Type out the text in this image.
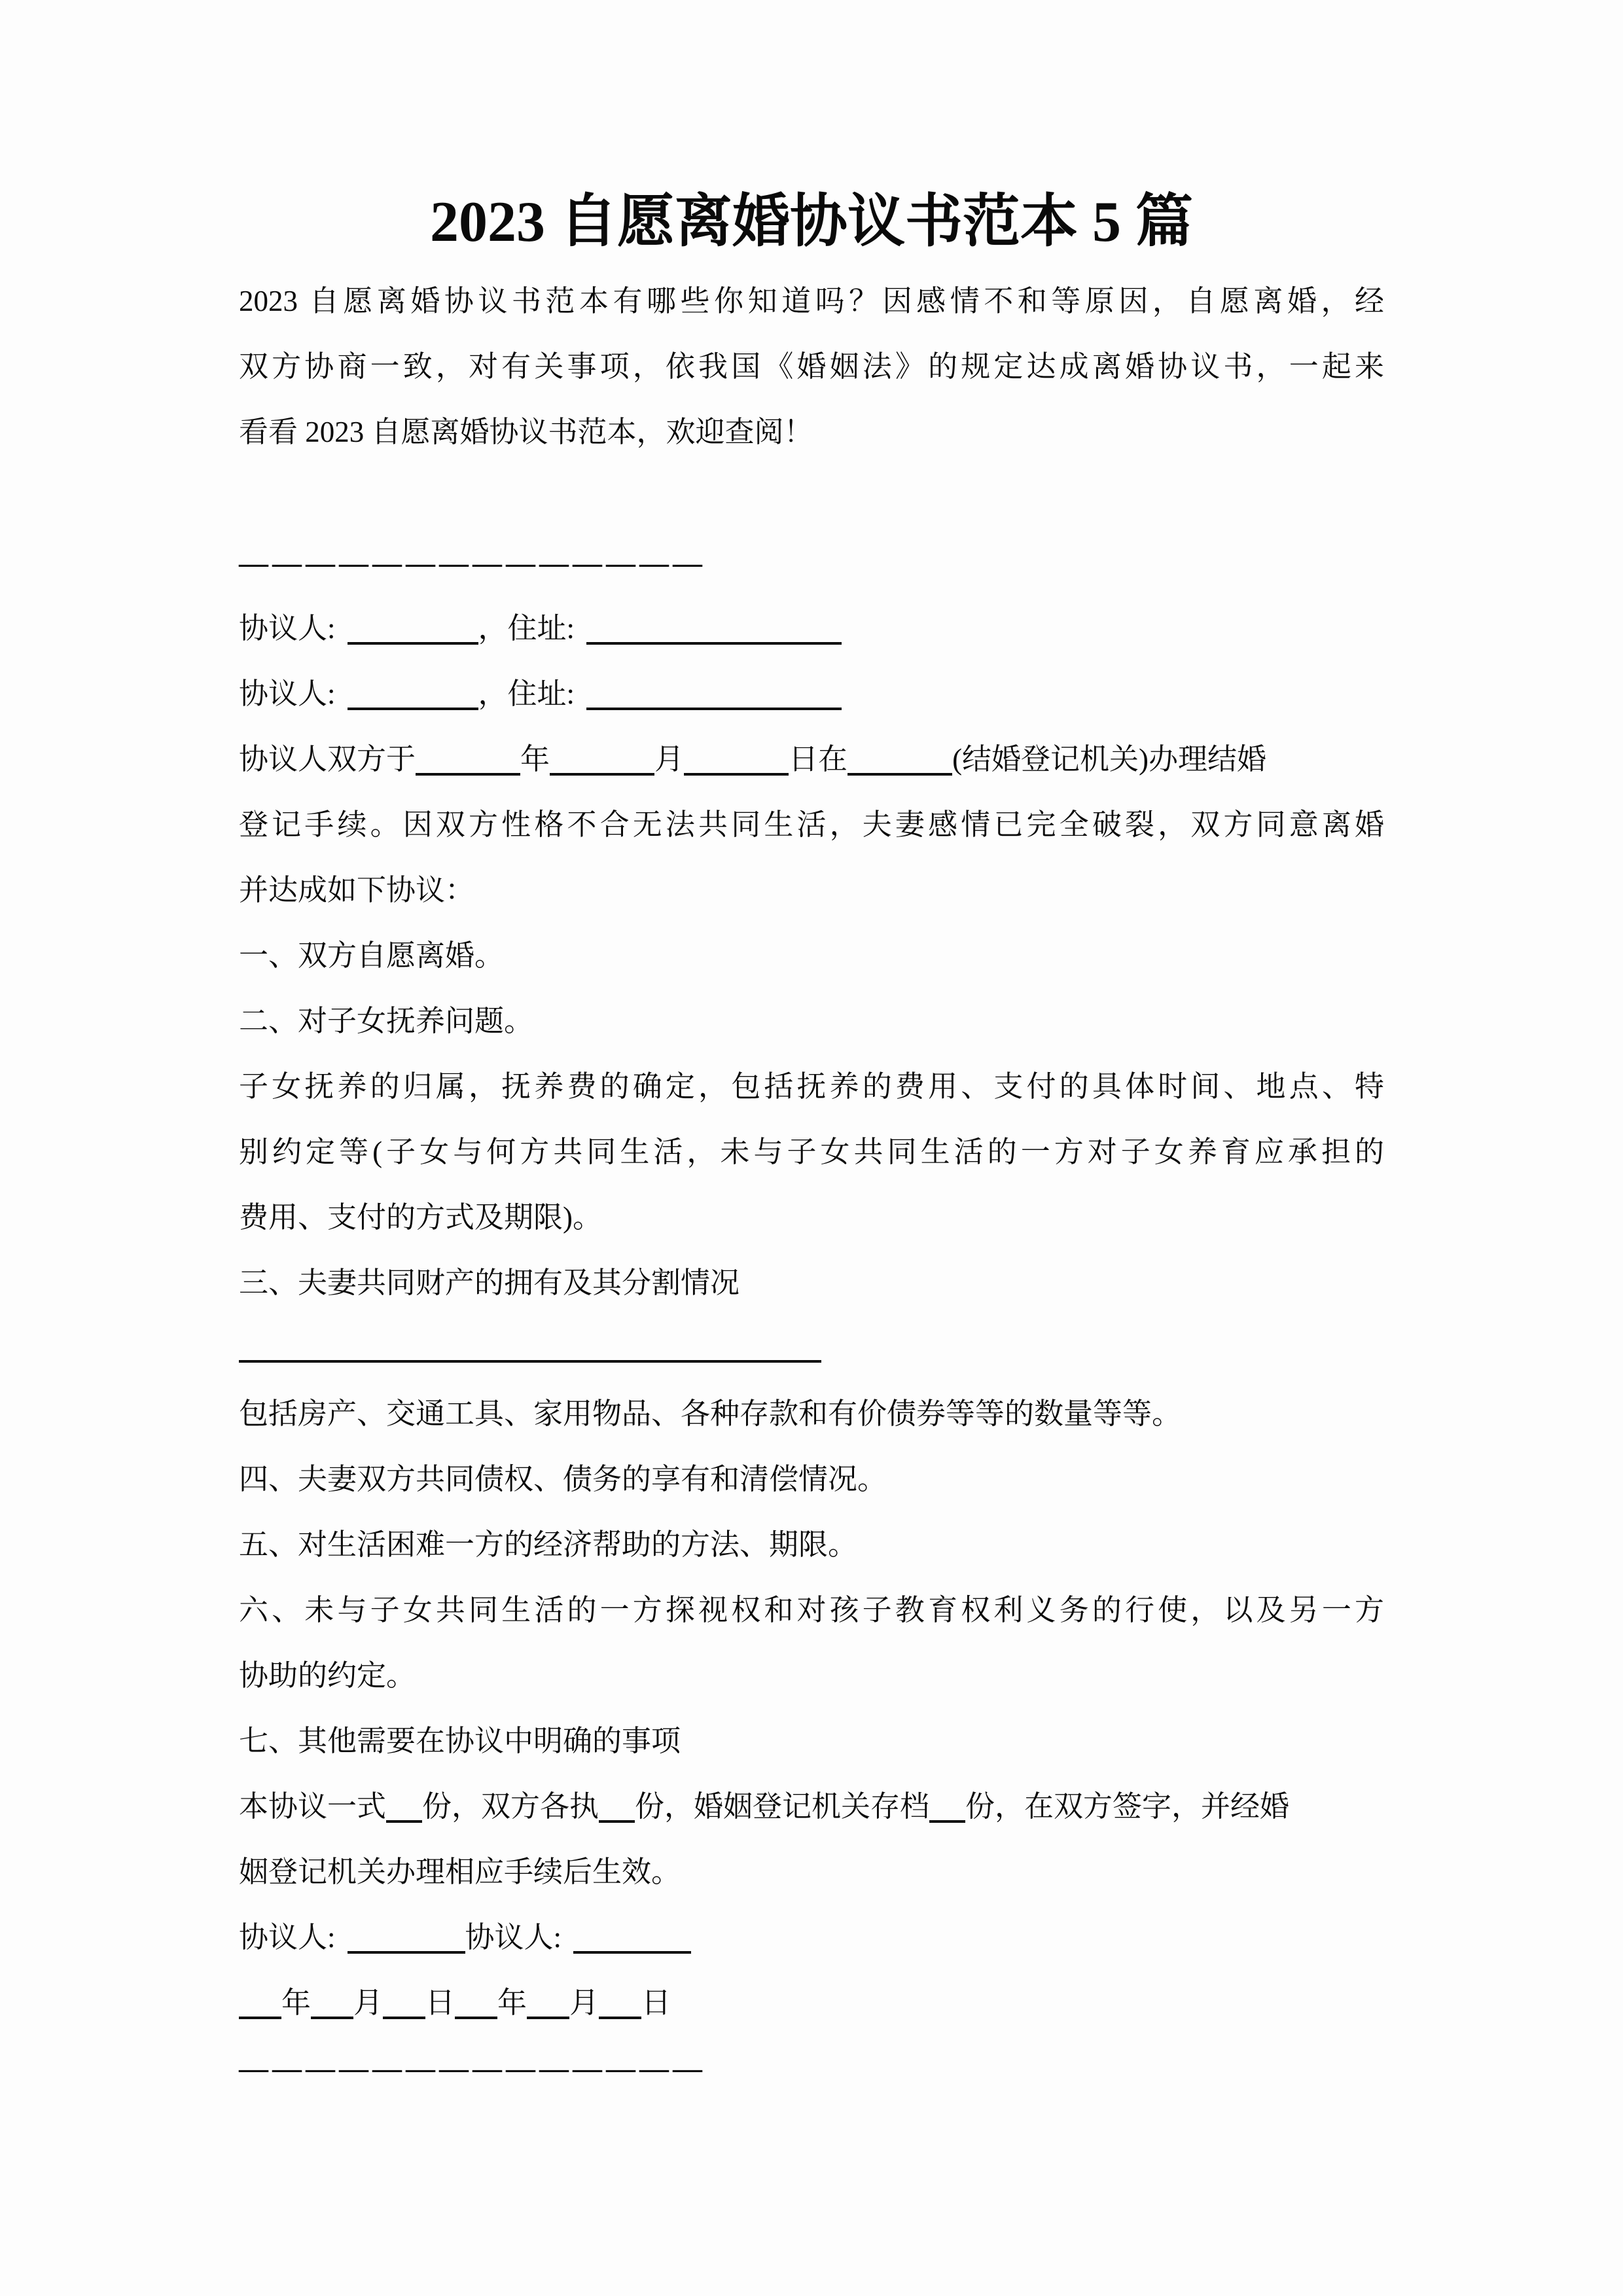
2023 自愿离婚协议书范本 5 篇
2023 自愿离婚协议书范本有哪些你知道吗？因感情不和等原因，自愿离婚，经
双方协商一致，对有关事项，依我国《婚姻法》的规定达成离婚协议书，一起来
看看 2023 自愿离婚协议书范本，欢迎查阅！
——————————————
协议人:	，住址:
协议人:	，住址:
协议人双方于	年	月	日在	(结婚登记机关)办理结婚
登记手续。因双方性格不合无法共同生活，夫妻感情已完全破裂，双方同意离婚
并达成如下协议：
一、双方自愿离婚。
二、对子女抚养问题。
子女抚养的归属，抚养费的确定，包括抚养的费用、支付的具体时间、地点、特
别约定等(子女与何方共同生活，未与子女共同生活的一方对子女养育应承担的
费用、支付的方式及期限)。
三、夫妻共同财产的拥有及其分割情况
包括房产、交通工具、家用物品、各种存款和有价债券等等的数量等等。
四、夫妻双方共同债权、债务的享有和清偿情况。
五、对生活困难一方的经济帮助的方法、期限。
六、未与子女共同生活的一方探视权和对孩子教育权利义务的行使，以及另一方
协助的约定。
七、其他需要在协议中明确的事项
本协议一式 份，双方各执 份，婚姻登记机关存档 份，在双方签字，并经婚
姻登记机关办理相应手续后生效。
协议人:	协议人:
年 月 日 年 月 日
——————————————
